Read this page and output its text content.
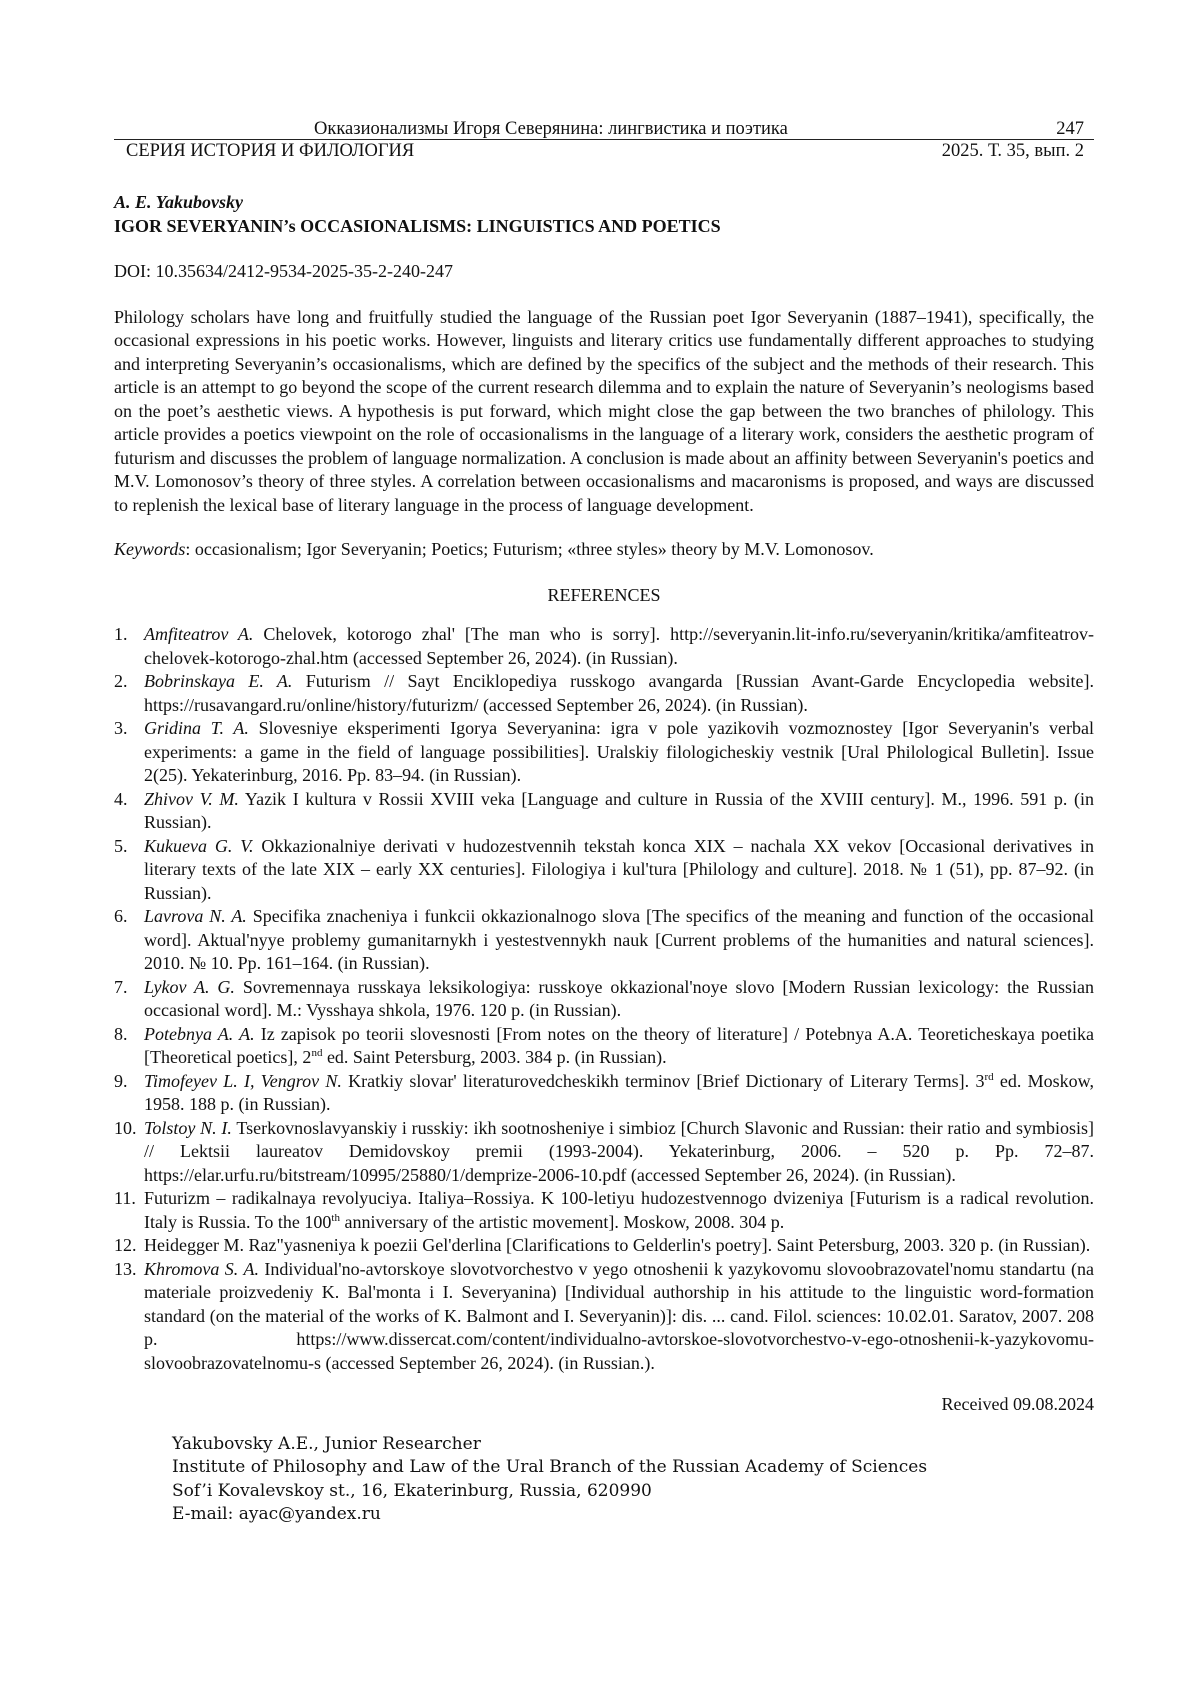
Окказионализмы Игоря Северянина: лингвистика и поэтика	247
СЕРИЯ ИСТОРИЯ И ФИЛОЛОГИЯ	2025. Т. 35, вып. 2

A. E. Yakubovsky

IGOR SEVERYANIN’s OCCASIONALISMS: LINGUISTICS AND POETICS

DOI: 10.35634/2412-9534-2025-35-2-240-247

Philology scholars have long and fruitfully studied the language of the Russian poet Igor Severyanin (1887–1941), specifically, the occasional expressions in his poetic works. However, linguists and literary critics use fundamentally different approaches to studying and interpreting Severyanin’s occasionalisms, which are defined by the specifics of the subject and the methods of their research. This article is an attempt to go beyond the scope of the current research dilemma and to explain the nature of Severyanin’s neologisms based on the poet’s aesthetic views. A hypothesis is put forward, which might close the gap between the two branches of philology. This article provides a poetics viewpoint on the role of occasionalisms in the language of a literary work, considers the aesthetic program of futurism and discusses the problem of language normalization. A conclusion is made about an affinity between Severyanin's poetics and M.V. Lomonosov’s theory of three styles. A correlation between occasionalisms and macaronisms is proposed, and ways are discussed to replenish the lexical base of literary language in the process of language development.

Keywords: occasionalism; Igor Severyanin; Poetics; Futurism; «three styles» theory by M.V. Lomonosov.

REFERENCES

1. Amfiteatrov A. Chelovek, kotorogo zhal' [The man who is sorry]. http://severyanin.lit-info.ru/severyanin/kritika/amfiteatrov-chelovek-kotorogo-zhal.htm (accessed September 26, 2024). (in Russian).
2. Bobrinskaya E. A. Futurism // Sayt Enciklopediya russkogo avangarda [Russian Avant-Garde Encyclopedia website]. https://rusavangard.ru/online/history/futurizm/ (accessed September 26, 2024). (in Russian).
3. Gridina T. A. Slovesniye eksperimenti Igorya Severyanina: igra v pole yazikovih vozmoznostey [Igor Severyanin's verbal experiments: a game in the field of language possibilities]. Uralskiy filologicheskiy vestnik [Ural Philological Bulletin]. Issue 2(25). Yekaterinburg, 2016. Pp. 83–94. (in Russian).
4. Zhivov V. M. Yazik I kultura v Rossii XVIII veka [Language and culture in Russia of the XVIII century]. M., 1996. 591 p. (in Russian).
5. Kukueva G. V. Okkazionalniye derivati v hudozestvennih tekstah konca XIX – nachala XX vekov [Occasional derivatives in literary texts of the late XIX – early XX centuries]. Filologiya i kul'tura [Philology and culture]. 2018. № 1 (51), pp. 87–92. (in Russian).
6. Lavrova N. A. Specifika znacheniya i funkcii okkazionalnogo slova [The specifics of the meaning and function of the occasional word]. Aktual'nyye problemy gumanitarnykh i yestestvennykh nauk [Current problems of the humanities and natural sciences]. 2010. № 10. Pp. 161–164. (in Russian).
7. Lykov A. G. Sovremennaya russkaya leksikologiya: russkoye okkazional'noye slovo [Modern Russian lexicology: the Russian occasional word]. M.: Vysshaya shkola, 1976. 120 p. (in Russian).
8. Potebnya A. A. Iz zapisok po teorii slovesnosti [From notes on the theory of literature] / Potebnya A.A. Teoreticheskaya poetika [Theoretical poetics], 2nd ed. Saint Petersburg, 2003. 384 p. (in Russian).
9. Timofeyev L. I, Vengrov N. Kratkiy slovar' literaturovedcheskikh terminov [Brief Dictionary of Literary Terms]. 3rd ed. Moskow, 1958. 188 p. (in Russian).
10. Tolstoy N. I. Tserkovnoslavyanskiy i russkiy: ikh sootnosheniye i simbioz [Church Slavonic and Russian: their ratio and symbiosis] // Lektsii laureatov Demidovskoy premii (1993-2004). Yekaterinburg, 2006. – 520 p. Pp. 72–87. https://elar.urfu.ru/bitstream/10995/25880/1/demprize-2006-10.pdf (accessed September 26, 2024). (in Russian).
11. Futurizm – radikalnaya revolyuciya. Italiya–Rossiya. K 100-letiyu hudozestvennogo dvizeniya [Futurism is a radical revolution. Italy is Russia. To the 100th anniversary of the artistic movement]. Moskow, 2008. 304 p.
12. Heidegger M. Raz"yasneniya k poezii Gel'derlina [Clarifications to Gelderlin's poetry]. Saint Petersburg, 2003. 320 p. (in Russian).
13. Khromova S. A. Individual'no-avtorskoye slovotvorchestvo v yego otnoshenii k yazykovomu slovoobrazovatel'nomu standartu (na materiale proizvedeniy K. Bal'monta i I. Severyanina) [Individual authorship in his attitude to the linguistic word-formation standard (on the material of the works of K. Balmont and I. Severyanin)]: dis. ... cand. Filol. sciences: 10.02.01. Saratov, 2007. 208 p. https://www.dissercat.com/content/individualno-avtorskoe-slovotvorchestvo-v-ego-otnoshenii-k-yazykovomu-slovoobrazovatelnomu-s (accessed September 26, 2024). (in Russian.).

Received 09.08.2024

Yakubovsky A.E., Junior Researcher
Institute of Philosophy and Law of the Ural Branch of the Russian Academy of Sciences
Sof’i Kovalevskoy st., 16, Ekaterinburg, Russia, 620990
E-mail: ayac@yandex.ru
